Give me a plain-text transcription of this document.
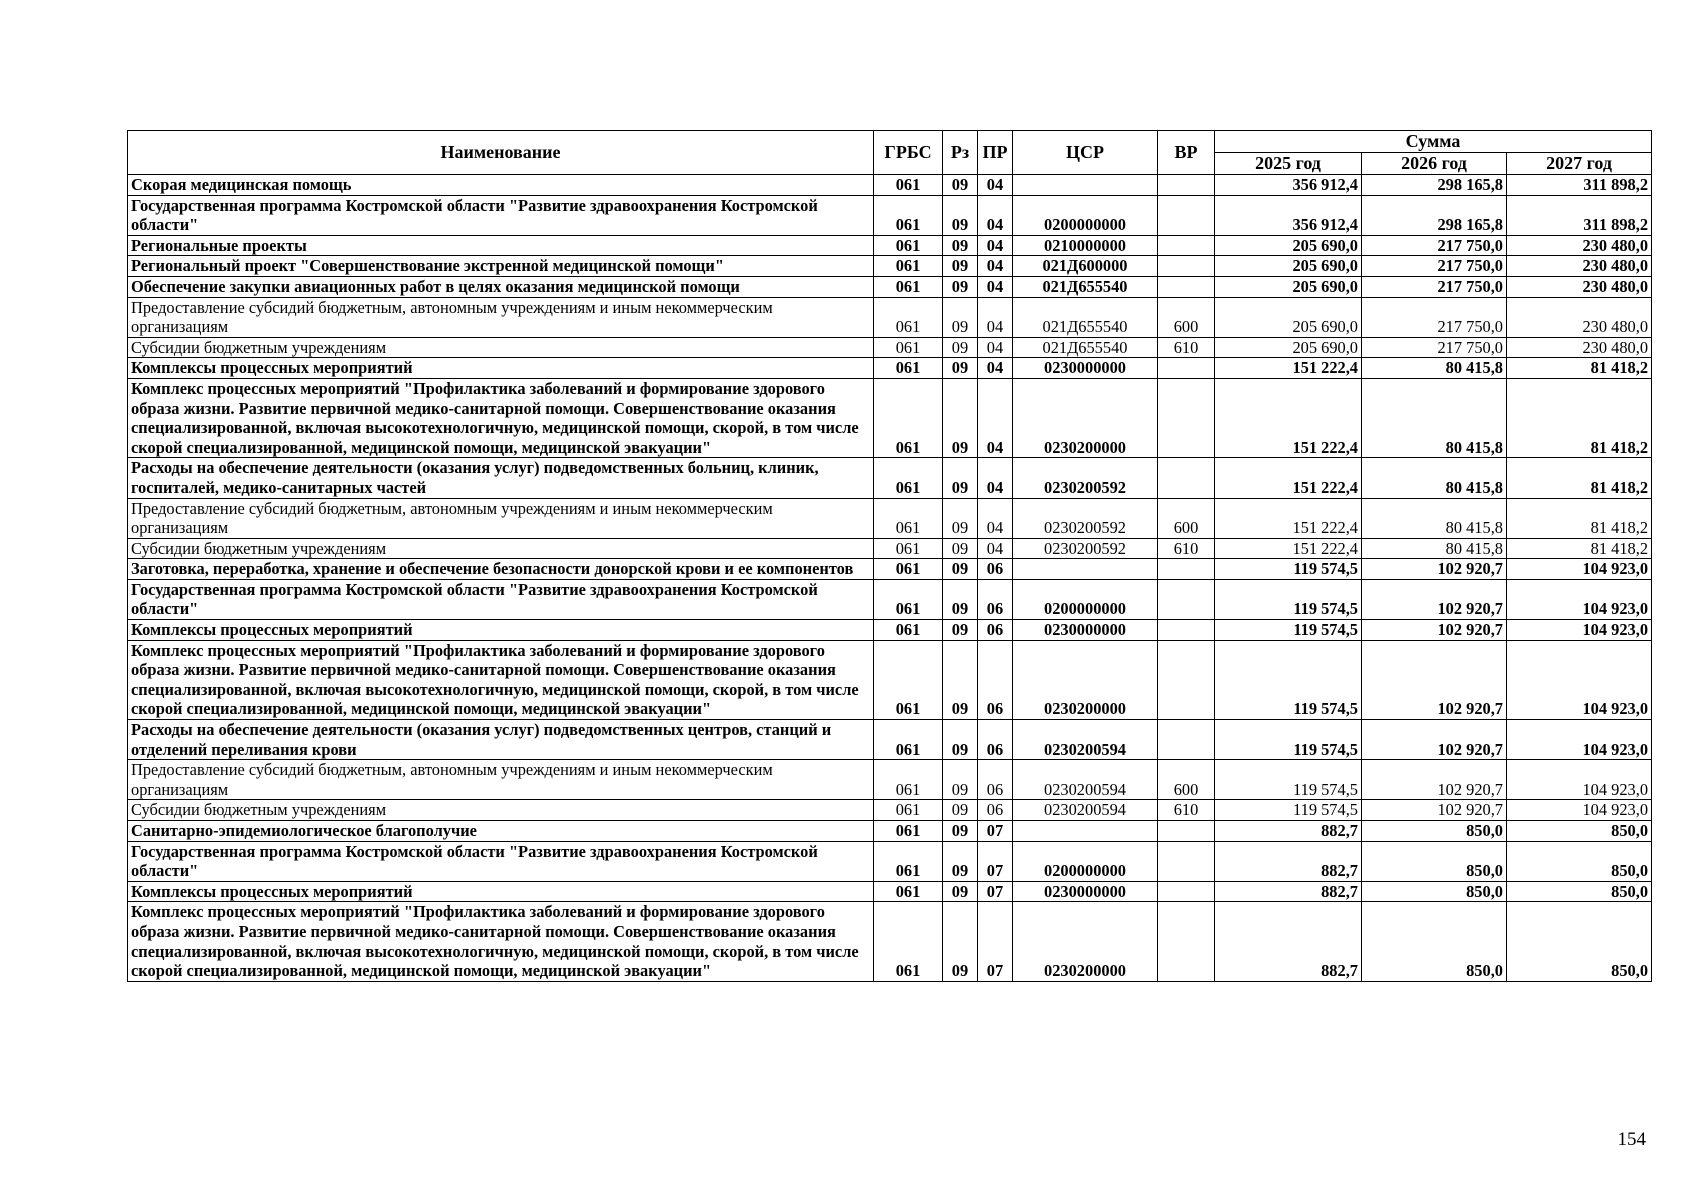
Наименование	ГРБС	Рз	ПР	ЦСР	ВР	Сумма		
						2025 год	2026 год	2027 год
Скорая медицинская помощь	061	09	04			356 912,4	298 165,8	311 898,2
Государственная программа Костромской области "Развитие здравоохранения Костромской области"	061	09	04	0200000000		356 912,4	298 165,8	311 898,2
Региональные проекты	061	09	04	0210000000		205 690,0	217 750,0	230 480,0
Региональный проект "Совершенствование экстренной медицинской помощи"	061	09	04	021Д600000		205 690,0	217 750,0	230 480,0
Обеспечение закупки авиационных работ в целях оказания медицинской помощи	061	09	04	021Д655540		205 690,0	217 750,0	230 480,0
Предоставление субсидий бюджетным, автономным учреждениям и иным некоммерческим организациям	061	09	04	021Д655540	600	205 690,0	217 750,0	230 480,0
Субсидии бюджетным учреждениям	061	09	04	021Д655540	610	205 690,0	217 750,0	230 480,0
Комплексы процессных мероприятий	061	09	04	0230000000		151 222,4	80 415,8	81 418,2
Комплекс процессных мероприятий "Профилактика заболеваний и формирование здорового образа жизни. Развитие первичной медико-санитарной помощи. Совершенствование оказания специализированной, включая высокотехнологичную, медицинской помощи, скорой, в том числе скорой специализированной, медицинской помощи, медицинской эвакуации"	061	09	04	0230200000		151 222,4	80 415,8	81 418,2
Расходы на обеспечение деятельности (оказания услуг) подведомственных больниц, клиник, госпиталей, медико-санитарных частей	061	09	04	0230200592		151 222,4	80 415,8	81 418,2
Предоставление субсидий бюджетным, автономным учреждениям и иным некоммерческим организациям	061	09	04	0230200592	600	151 222,4	80 415,8	81 418,2
Субсидии бюджетным учреждениям	061	09	04	0230200592	610	151 222,4	80 415,8	81 418,2
Заготовка, переработка, хранение и обеспечение безопасности донорской крови и ее компонентов	061	09	06			119 574,5	102 920,7	104 923,0
Государственная программа Костромской области "Развитие здравоохранения Костромской области"	061	09	06	0200000000		119 574,5	102 920,7	104 923,0
Комплексы процессных мероприятий	061	09	06	0230000000		119 574,5	102 920,7	104 923,0
Комплекс процессных мероприятий "Профилактика заболеваний и формирование здорового образа жизни. Развитие первичной медико-санитарной помощи. Совершенствование оказания специализированной, включая высокотехнологичную, медицинской помощи, скорой, в том числе скорой специализированной, медицинской помощи, медицинской эвакуации"	061	09	06	0230200000		119 574,5	102 920,7	104 923,0
Расходы на обеспечение деятельности (оказания услуг) подведомственных центров, станций и отделений переливания крови	061	09	06	0230200594		119 574,5	102 920,7	104 923,0
Предоставление субсидий бюджетным, автономным учреждениям и иным некоммерческим организациям	061	09	06	0230200594	600	119 574,5	102 920,7	104 923,0
Субсидии бюджетным учреждениям	061	09	06	0230200594	610	119 574,5	102 920,7	104 923,0
Санитарно-эпидемиологическое благополучие	061	09	07			882,7	850,0	850,0
Государственная программа Костромской области "Развитие здравоохранения Костромской области"	061	09	07	0200000000		882,7	850,0	850,0
Комплексы процессных мероприятий	061	09	07	0230000000		882,7	850,0	850,0
Комплекс процессных мероприятий "Профилактика заболеваний и формирование здорового образа жизни. Развитие первичной медико-санитарной помощи. Совершенствование оказания специализированной, включая высокотехнологичную, медицинской помощи, скорой, в том числе скорой специализированной, медицинской помощи, медицинской эвакуации"	061	09	07	0230200000		882,7	850,0	850,0
154
